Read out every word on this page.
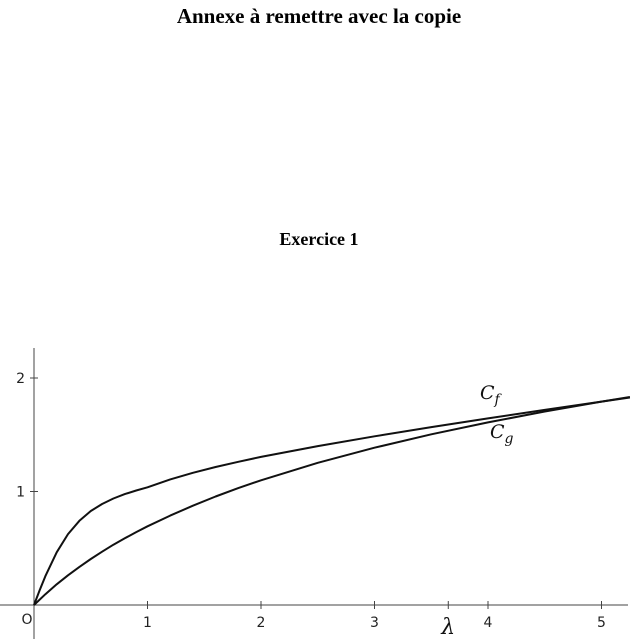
Annexe à remettre avec la copie
Exercice 1
1	2	3	4	5
1
2
O	λ
$C_f$
$C_g$
